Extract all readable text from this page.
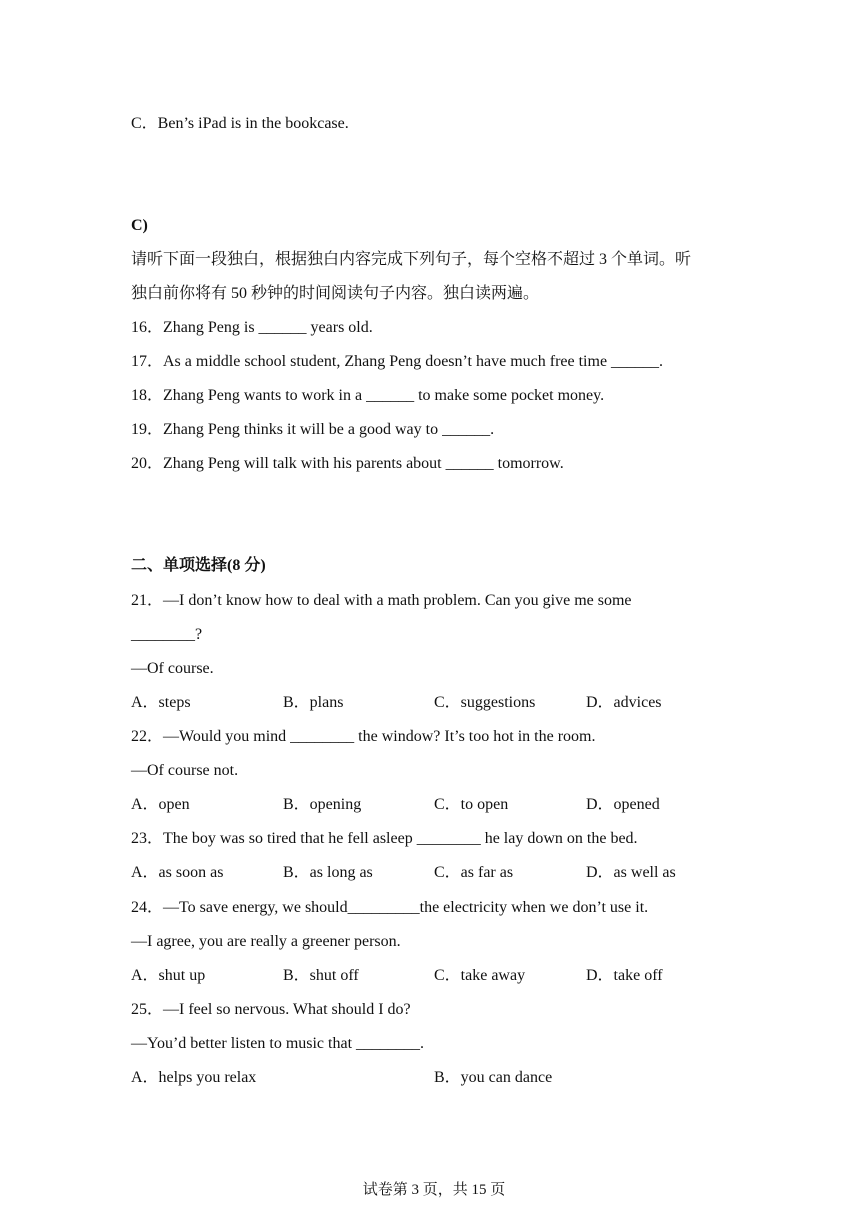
C．Ben’s iPad is in the bookcase.
C)
请听下面一段独白，根据独白内容完成下列句子，每个空格不超过 3 个单词。听
独白前你将有 50 秒钟的时间阅读句子内容。独白读两遍。
16．Zhang Peng is ______ years old.
17．As a middle school student, Zhang Peng doesn’t have much free time ______.
18．Zhang Peng wants to work in a ______ to make some pocket money.
19．Zhang Peng thinks it will be a good way to ______.
20．Zhang Peng will talk with his parents about ______ tomorrow.
二、单项选择(8 分)
21．—I don’t know how to deal with a math problem. Can you give me some
________?
—Of course.
A．steps	B．plans	C．suggestions	D．advices
22．—Would you mind ________ the window? It’s too hot in the room.
—Of course not.
A．open	B．opening	C．to open	D．opened
23．The boy was so tired that he fell asleep ________ he lay down on the bed.
A．as soon as	B．as long as	C．as far as	D．as well as
24．—To save energy, we should_________the electricity when we don’t use it.
—I agree, you are really a greener person.
A．shut up	B．shut off	C．take away	D．take off
25．—I feel so nervous. What should I do?
—You’d better listen to music that ________.
A．helps you relax	B．you can dance
试卷第 3 页，共 15 页
